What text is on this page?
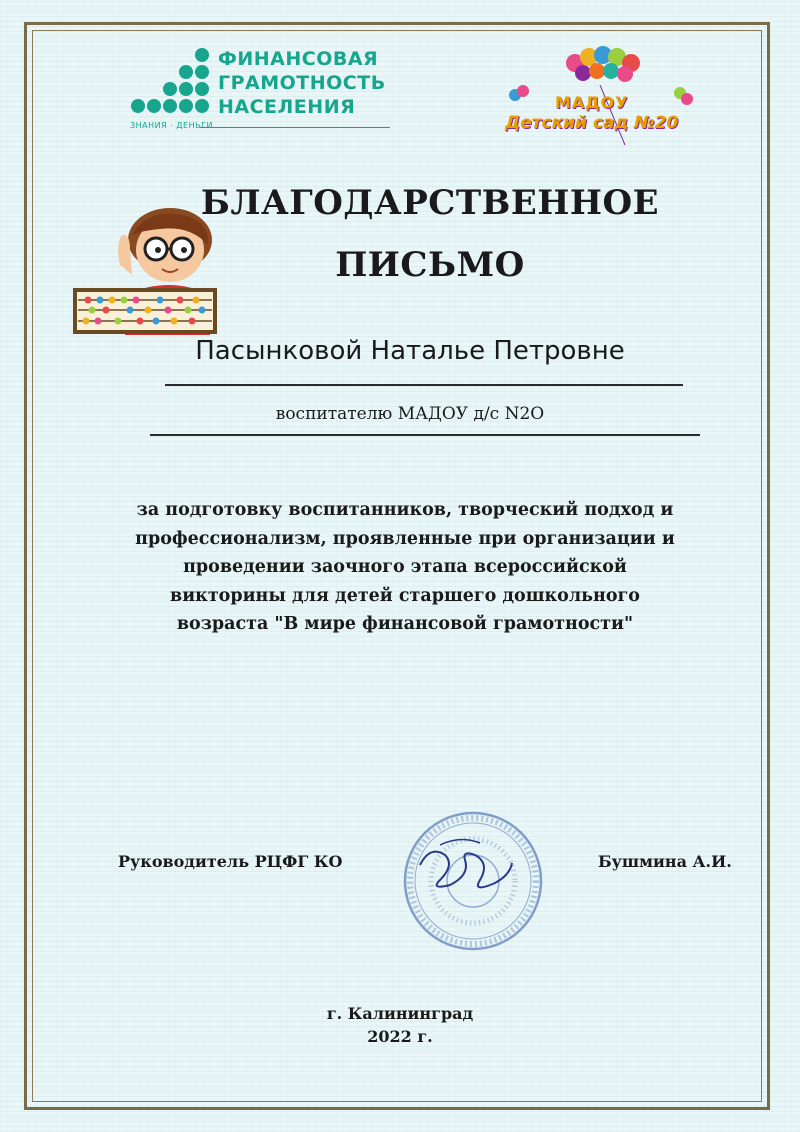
ФИНАНСОВАЯ
ГРАМОТНОСТЬ
НАСЕЛЕНИЯ
ЗНАНИЯ · ДЕНЬГИ
МАДОУ
Детский сад №20
БЛАГОДАРСТВЕННОЕ
ПИСЬМО
Пасынковой Натальe Петровне
воспитателю МАДОУ д/с N2О
за подготовку воспитанников, творческий подход и профессионализм, проявленные при организации и проведении заочного этапа всероссийской викторины для детей старшего дошкольного возраста "В мире финансовой грамотности"
Руководитель РЦФГ КО	Бушмина А.И.
г. Калининград
2022 г.
